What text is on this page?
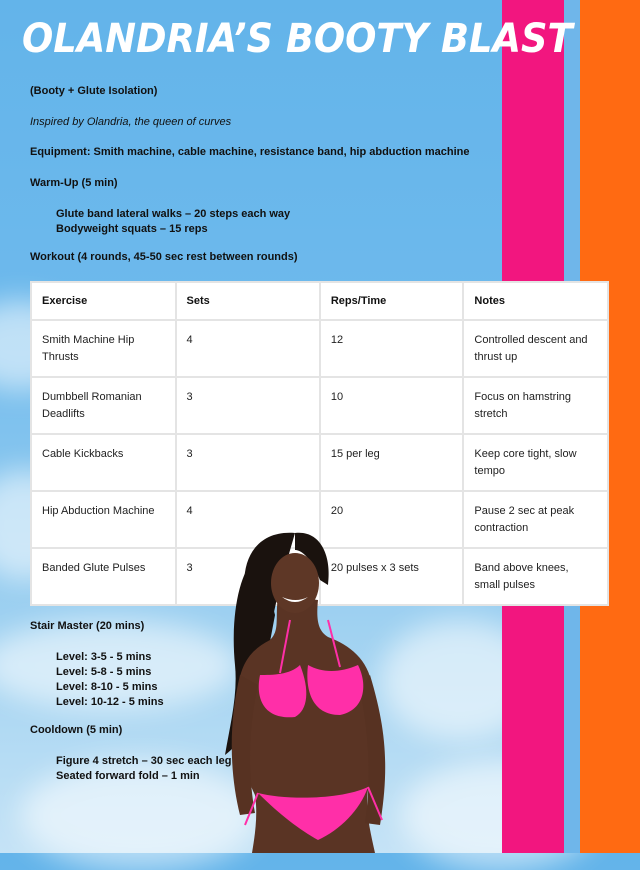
OLANDRIA’S BOOTY BLAST
(Booty + Glute Isolation)
Inspired by Olandria, the queen of curves
Equipment: Smith machine, cable machine, resistance band, hip abduction machine
Warm-Up (5 min)
Glute band lateral walks – 20 steps each way
Bodyweight squats – 15 reps
Workout (4 rounds, 45-50 sec rest between rounds)
Exercise	Sets	Reps/Time	Notes
Smith Machine Hip Thrusts	4	12	Controlled descent and thrust up
Dumbbell Romanian Deadlifts	3	10	Focus on hamstring stretch
Cable Kickbacks	3	15 per leg	Keep core tight, slow tempo
Hip Abduction Machine	4	20	Pause 2 sec at peak contraction
Banded Glute Pulses	3	20 pulses x 3 sets	Band above knees, small pulses
Stair Master (20 mins)
Level: 3-5 - 5 mins
Level: 5-8 - 5 mins
Level: 8-10 - 5 mins
Level: 10-12 - 5 mins
Cooldown (5 min)
Figure 4 stretch – 30 sec each leg
Seated forward fold – 1 min
